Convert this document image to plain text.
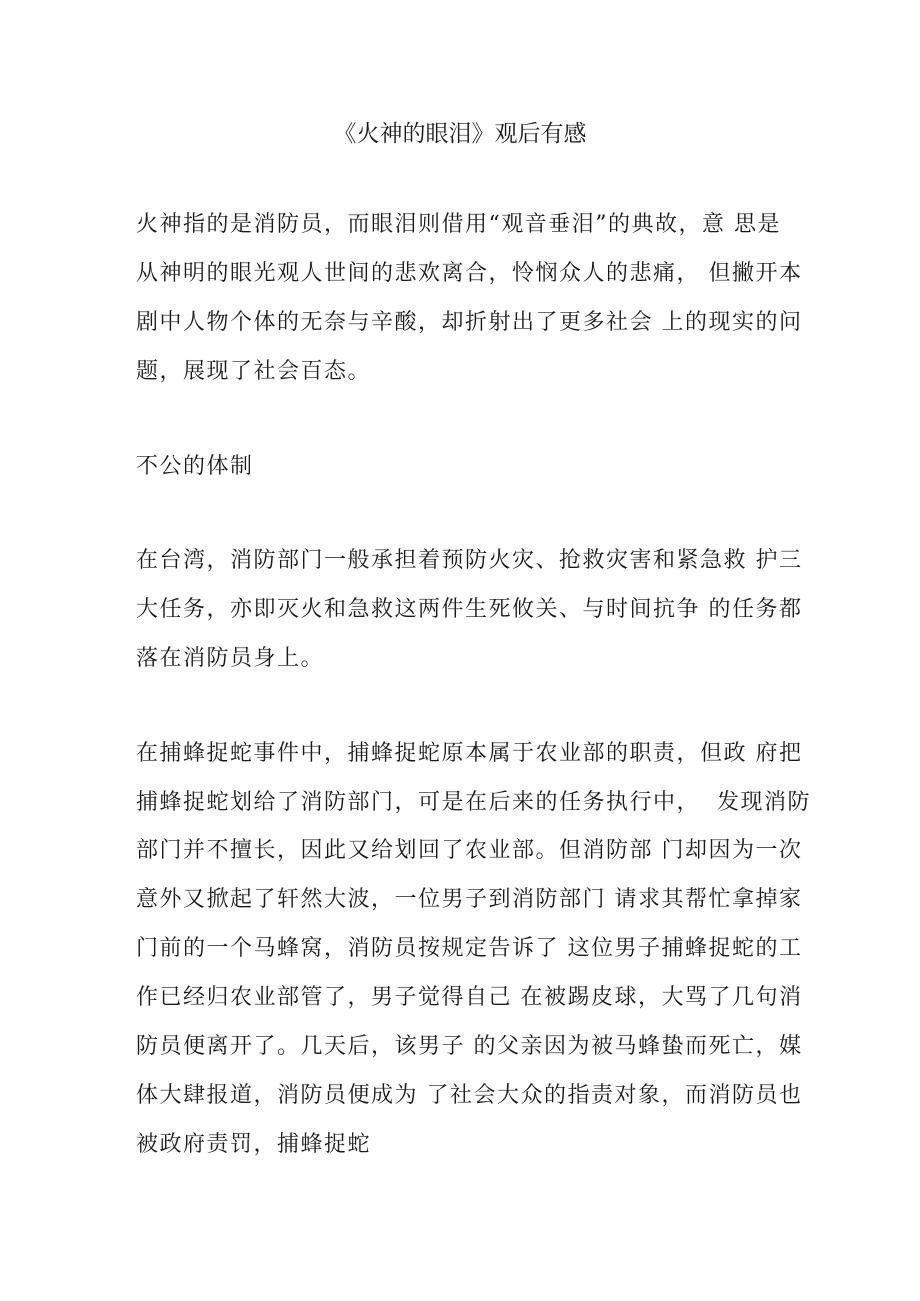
《火神的眼泪》观后有感

火神指的是消防员，而眼泪则借用“观音垂泪”的典故，意 思是

从神明的眼光观人世间的悲欢离合，怜悯众人的悲痛， 但撇开本

剧中人物个体的无奈与辛酸，却折射出了更多社会 上的现实的问

题，展现了社会百态。

不公的体制

在台湾，消防部门一般承担着预防火灾、抢救灾害和紧急救 护三

大任务，亦即灭火和急救这两件生死攸关、与时间抗争 的任务都

落在消防员身上。

在捕蜂捉蛇事件中，捕蜂捉蛇原本属于农业部的职责，但政 府把

捕蜂捉蛇划给了消防部门，可是在后来的任务执行中，  发现消防

部门并不擅长，因此又给划回了农业部。但消防部 门却因为一次

意外又掀起了轩然大波，一位男子到消防部门 请求其帮忙拿掉家

门前的一个马蜂窝，消防员按规定告诉了 这位男子捕蜂捉蛇的工

作已经归农业部管了，男子觉得自己 在被踢皮球，大骂了几句消

防员便离开了。几天后，该男子 的父亲因为被马蜂蛰而死亡，媒

体大肆报道，消防员便成为 了社会大众的指责对象，而消防员也

被政府责罚，捕蜂捉蛇
